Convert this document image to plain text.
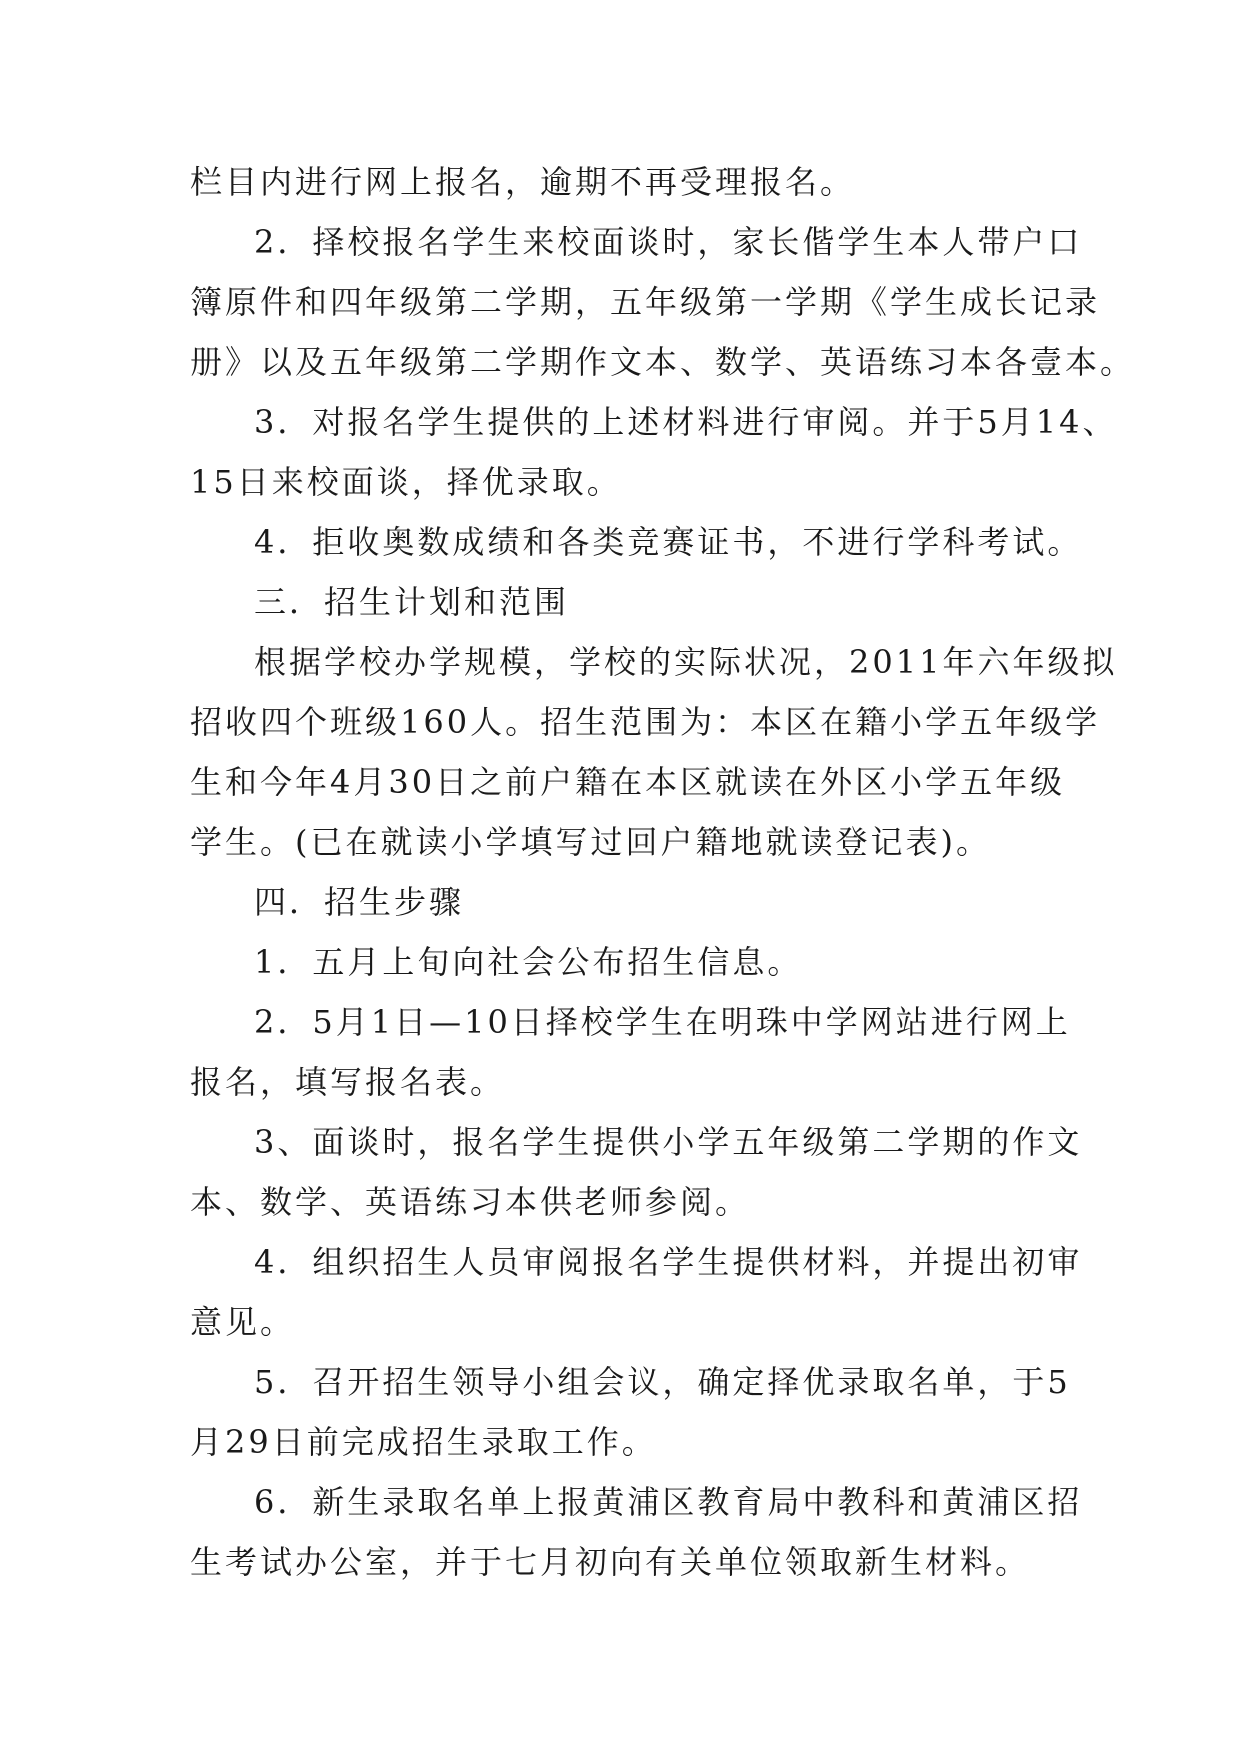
栏目内进行网上报名，逾期不再受理报名。
2．择校报名学生来校面谈时，家长偕学生本人带户口
簿原件和四年级第二学期，五年级第一学期《学生成长记录
册》以及五年级第二学期作文本、数学、英语练习本各壹本。
3．对报名学生提供的上述材料进行审阅。并于5月14、
15日来校面谈，择优录取。
4．拒收奥数成绩和各类竞赛证书，不进行学科考试。
三．招生计划和范围
根据学校办学规模，学校的实际状况，2011年六年级拟
招收四个班级160人。招生范围为：本区在籍小学五年级学
生和今年4月30日之前户籍在本区就读在外区小学五年级
学生。(已在就读小学填写过回户籍地就读登记表)。
四．招生步骤
1．五月上旬向社会公布招生信息。
2．5月1日—10日择校学生在明珠中学网站进行网上
报名，填写报名表。
3、面谈时，报名学生提供小学五年级第二学期的作文
本、数学、英语练习本供老师参阅。
4．组织招生人员审阅报名学生提供材料，并提出初审
意见。
5．召开招生领导小组会议，确定择优录取名单，于5
月29日前完成招生录取工作。
6．新生录取名单上报黄浦区教育局中教科和黄浦区招
生考试办公室，并于七月初向有关单位领取新生材料。
